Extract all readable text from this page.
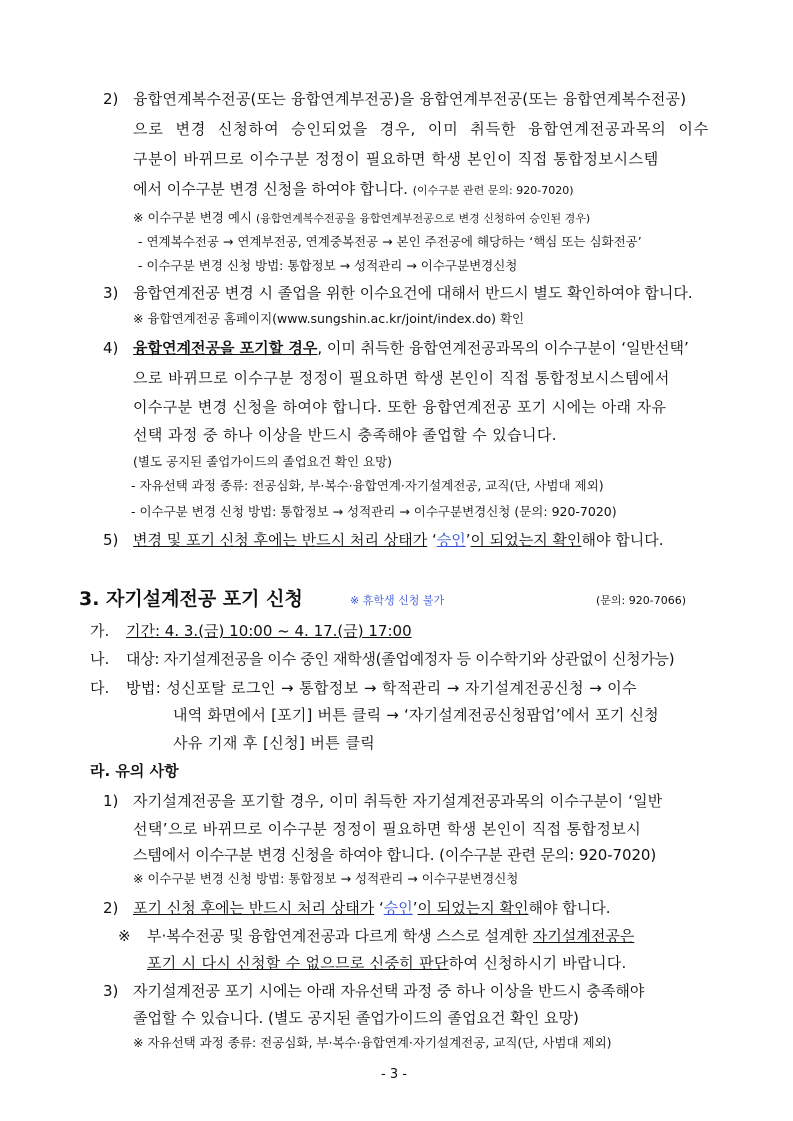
2) 융합연계복수전공(또는 융합연계부전공)을 융합연계부전공(또는 융합연계복수전공)
으로 변경 신청하여 승인되었을 경우, 이미 취득한 융합연계전공과목의 이수
구분이 바뀌므로 이수구분 정정이 필요하면 학생 본인이 직접 통합정보시스템
에서 이수구분 변경 신청을 하여야 합니다. (이수구분 관련 문의: 920-7020)
※ 이수구분 변경 예시 (융합연계복수전공을 융합연계부전공으로 변경 신청하여 승인된 경우)
- 연계복수전공 → 연계부전공, 연계중복전공 → 본인 주전공에 해당하는 ‘핵심 또는 심화전공’
- 이수구분 변경 신청 방법: 통합정보 → 성적관리 → 이수구분변경신청
3) 융합연계전공 변경 시 졸업을 위한 이수요건에 대해서 반드시 별도 확인하여야 합니다.
※ 융합연계전공 홈페이지(www.sungshin.ac.kr/joint/index.do) 확인
4) 융합연계전공을 포기할 경우, 이미 취득한 융합연계전공과목의 이수구분이 ‘일반선택’
으로 바뀌므로 이수구분 정정이 필요하면 학생 본인이 직접 통합정보시스템에서
이수구분 변경 신청을 하여야 합니다. 또한 융합연계전공 포기 시에는 아래 자유
선택 과정 중 하나 이상을 반드시 충족해야 졸업할 수 있습니다.
(별도 공지된 졸업가이드의 졸업요건 확인 요망)
- 자유선택 과정 종류: 전공심화, 부·복수·융합연계·자기설계전공, 교직(단, 사범대 제외)
- 이수구분 변경 신청 방법: 통합정보 → 성적관리 → 이수구분변경신청 (문의: 920-7020)
5) 변경 및 포기 신청 후에는 반드시 처리 상태가 ‘승인’이 되었는지 확인해야 합니다.
3. 자기설계전공 포기 신청	※ 휴학생 신청 불가	(문의: 920-7066)
가. 기간: 4. 3.(금) 10:00 ~ 4. 17.(금) 17:00
나. 대상: 자기설계전공을 이수 중인 재학생(졸업예정자 등 이수학기와 상관없이 신청가능)
다. 방법: 성신포탈 로그인 → 통합정보 → 학적관리 → 자기설계전공신청 → 이수
내역 화면에서 [포기] 버튼 클릭 → ‘자기설계전공신청팝업’에서 포기 신청
사유 기재 후 [신청] 버튼 클릭
라. 유의 사항
1) 자기설계전공을 포기할 경우, 이미 취득한 자기설계전공과목의 이수구분이 ‘일반
선택’으로 바뀌므로 이수구분 정정이 필요하면 학생 본인이 직접 통합정보시
스템에서 이수구분 변경 신청을 하여야 합니다. (이수구분 관련 문의: 920-7020)
※ 이수구분 변경 신청 방법: 통합정보 → 성적관리 → 이수구분변경신청
2) 포기 신청 후에는 반드시 처리 상태가 ‘승인’이 되었는지 확인해야 합니다.
※ 부·복수전공 및 융합연계전공과 다르게 학생 스스로 설계한 자기설계전공은
포기 시 다시 신청할 수 없으므로 신중히 판단하여 신청하시기 바랍니다.
3) 자기설계전공 포기 시에는 아래 자유선택 과정 중 하나 이상을 반드시 충족해야
졸업할 수 있습니다. (별도 공지된 졸업가이드의 졸업요건 확인 요망)
※ 자유선택 과정 종류: 전공심화, 부·복수·융합연계·자기설계전공, 교직(단, 사범대 제외)
- 3 -
